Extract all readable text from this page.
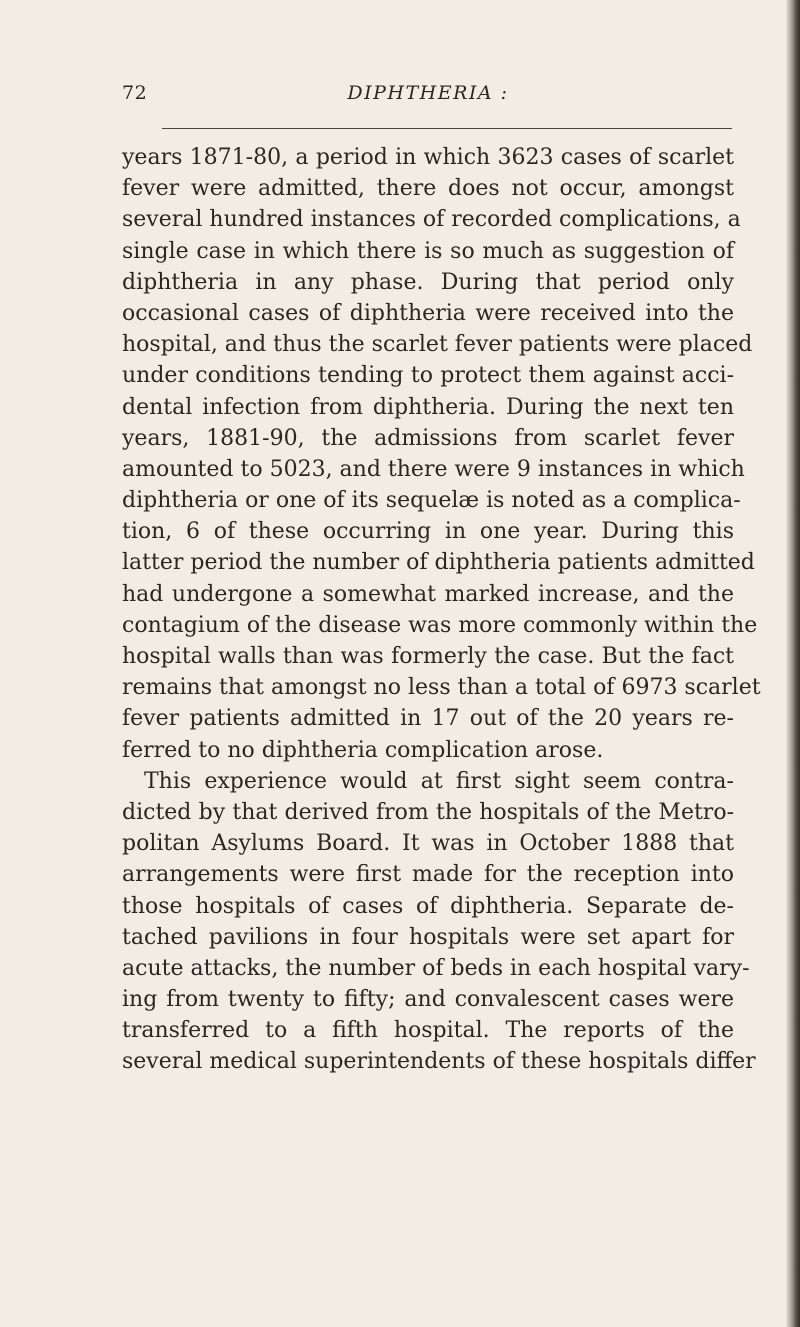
72	DIPHTHERIA :
years 1871-80, a period in which 3623 cases of scarlet
fever were admitted, there does not occur, amongst
several hundred instances of recorded complications, a
single case in which there is so much as suggestion of
diphtheria in any phase. During that period only
occasional cases of diphtheria were received into the
hospital, and thus the scarlet fever patients were placed
under conditions tending to protect them against acci-
dental infection from diphtheria. During the next ten
years, 1881-90, the admissions from scarlet fever
amounted to 5023, and there were 9 instances in which
diphtheria or one of its sequelæ is noted as a complica-
tion, 6 of these occurring in one year. During this
latter period the number of diphtheria patients admitted
had undergone a somewhat marked increase, and the
contagium of the disease was more commonly within the
hospital walls than was formerly the case. But the fact
remains that amongst no less than a total of 6973 scarlet
fever patients admitted in 17 out of the 20 years re-
ferred to no diphtheria complication arose.
This experience would at first sight seem contra-
dicted by that derived from the hospitals of the Metro-
politan Asylums Board. It was in October 1888 that
arrangements were first made for the reception into
those hospitals of cases of diphtheria. Separate de-
tached pavilions in four hospitals were set apart for
acute attacks, the number of beds in each hospital vary-
ing from twenty to fifty; and convalescent cases were
transferred to a fifth hospital. The reports of the
several medical superintendents of these hospitals differ
